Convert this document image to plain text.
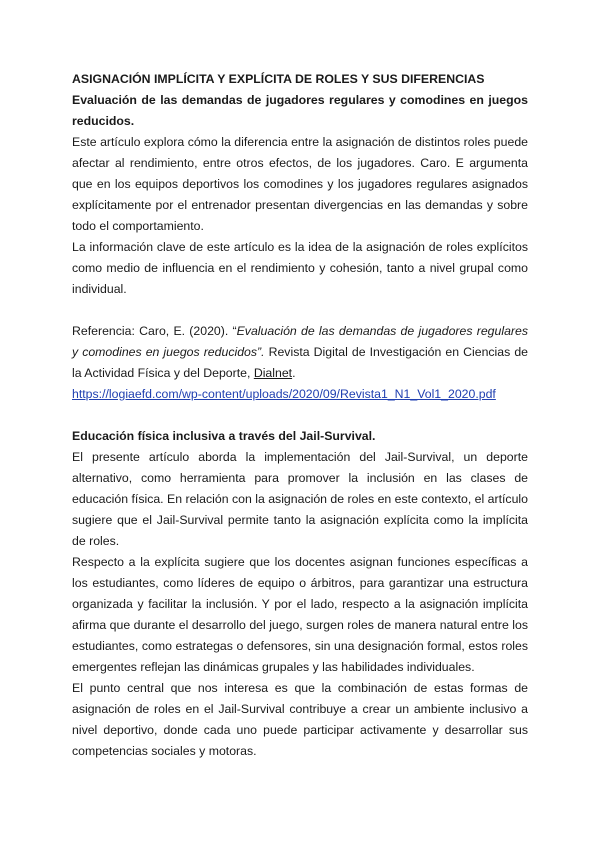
ASIGNACIÓN IMPLÍCITA Y EXPLÍCITA DE ROLES Y SUS DIFERENCIAS
Evaluación de las demandas de jugadores regulares y comodines en juegos reducidos.

Este artículo explora cómo la diferencia entre la asignación de distintos roles puede afectar al rendimiento, entre otros efectos, de los jugadores. Caro. E argumenta que en los equipos deportivos los comodines y los jugadores regulares asignados explícitamente por el entrenador presentan divergencias en las demandas y sobre todo el comportamiento.

La información clave de este artículo es la idea de la asignación de roles explícitos como medio de influencia en el rendimiento y cohesión, tanto a nivel grupal como individual.

Referencia: Caro, E. (2020). “Evaluación de las demandas de jugadores regulares y comodines en juegos reducidos”. Revista Digital de Investigación en Ciencias de la Actividad Física y del Deporte, Dialnet.
https://logiaefd.com/wp-content/uploads/2020/09/Revista1_N1_Vol1_2020.pdf

Educación física inclusiva a través del Jail-Survival.

El presente artículo aborda la implementación del Jail-Survival, un deporte alternativo, como herramienta para promover la inclusión en las clases de educación física. En relación con la asignación de roles en este contexto, el artículo sugiere que el Jail-Survival permite tanto la asignación explícita como la implícita de roles.

Respecto a la explícita sugiere que los docentes asignan funciones específicas a los estudiantes, como líderes de equipo o árbitros, para garantizar una estructura organizada y facilitar la inclusión. Y por el lado, respecto a la asignación implícita afirma que durante el desarrollo del juego, surgen roles de manera natural entre los estudiantes, como estrategas o defensores, sin una designación formal, estos roles emergentes reflejan las dinámicas grupales y las habilidades individuales.

El punto central que nos interesa es que la combinación de estas formas de asignación de roles en el Jail-Survival contribuye a crear un ambiente inclusivo a nivel deportivo, donde cada uno puede participar activamente y desarrollar sus competencias sociales y motoras.
